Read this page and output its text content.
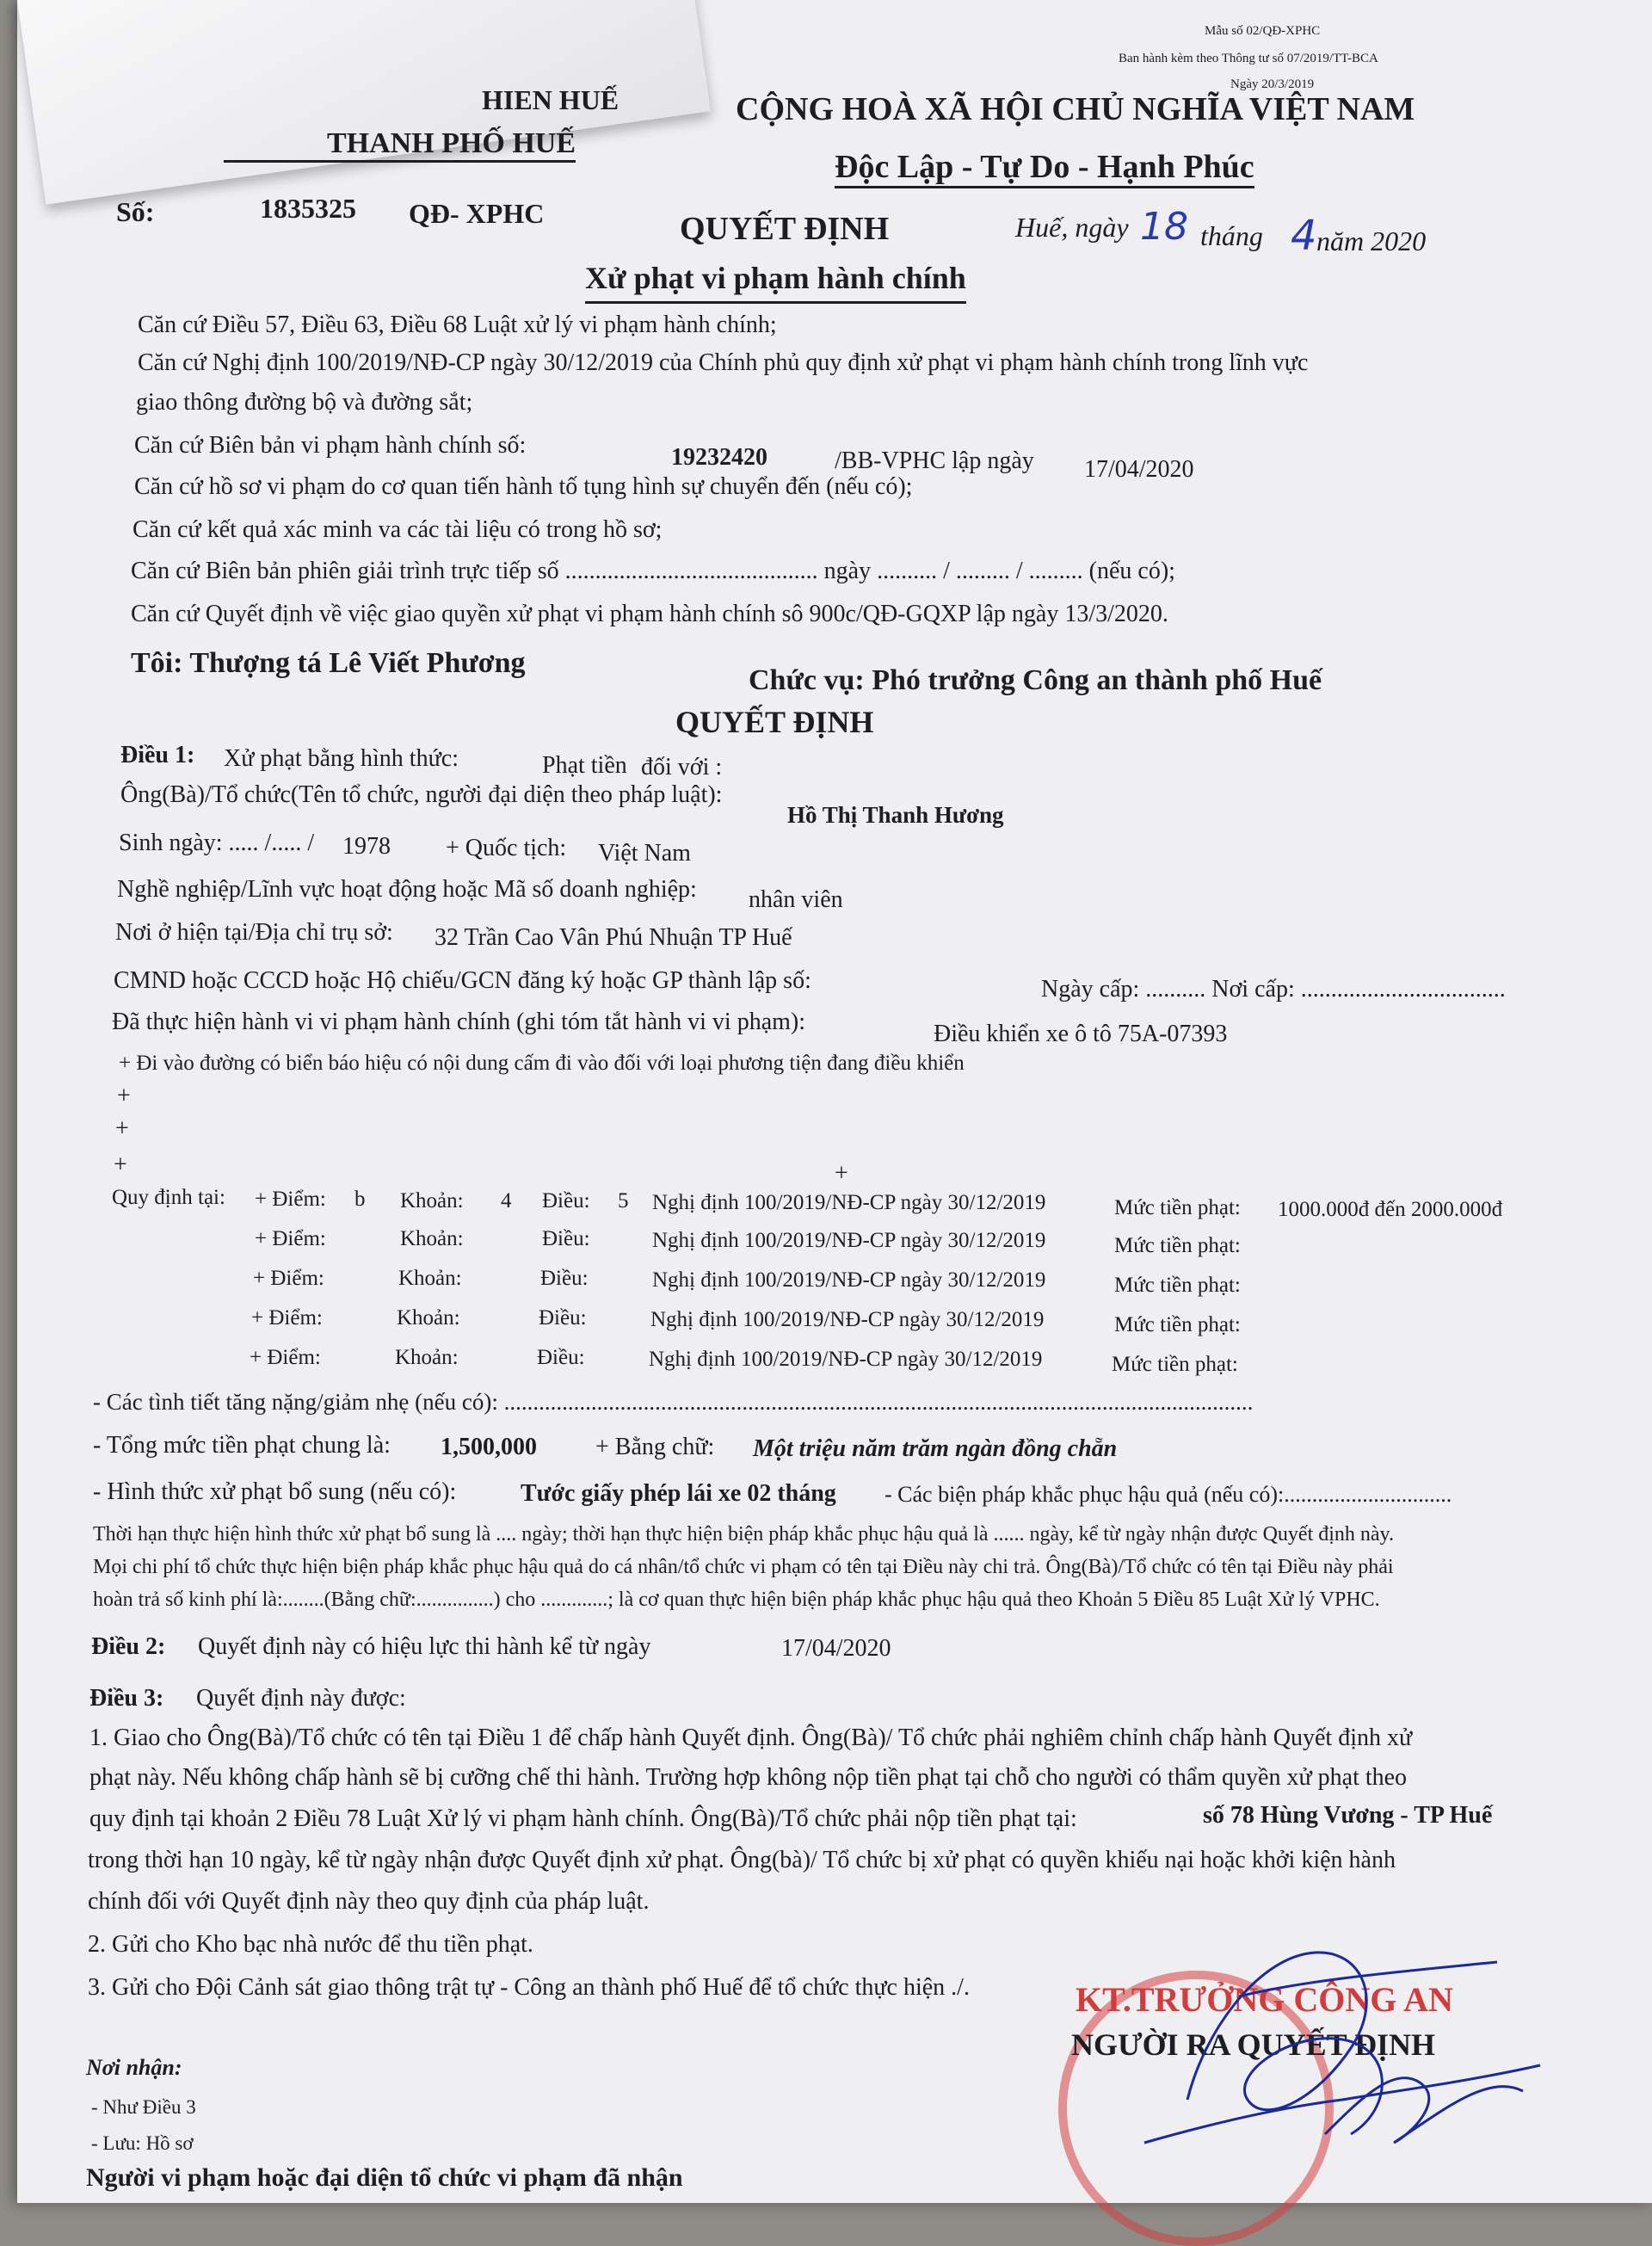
Mẫu số 02/QĐ-XPHC
Ban hành kèm theo Thông tư số 07/2019/TT-BCA
Ngày 20/3/2019
HIEN HUẾ
THANH PHỐ HUẾ
CỘNG HOÀ XÃ HỘI CHỦ NGHĨA VIỆT NAM
Độc Lập - Tự Do - Hạnh Phúc
Số:	1835325 QĐ- XPHC	QUYẾT ĐỊNH	Huế, ngày 18 tháng 4 năm 2020
Xử phạt vi phạm hành chính
Căn cứ Điều 57, Điều 63, Điều 68 Luật xử lý vi phạm hành chính;
Căn cứ Nghị định 100/2019/NĐ-CP ngày 30/12/2019 của Chính phủ quy định xử phạt vi phạm hành chính trong lĩnh vực
giao thông đường bộ và đường sắt;
Căn cứ Biên bản vi phạm hành chính số:	19232420	/BB-VPHC lập ngày 17/04/2020
Căn cứ hồ sơ vi phạm do cơ quan tiến hành tố tụng hình sự chuyển đến (nếu có);
Căn cứ kết quả xác minh va các tài liệu có trong hồ sơ;
Căn cứ Biên bản phiên giải trình trực tiếp số .......................................... ngày .......... / ......... / ......... (nếu có);
Căn cứ Quyết định về việc giao quyền xử phạt vi phạm hành chính sô 900c/QĐ-GQXP lập ngày 13/3/2020.
Tôi: Thượng tá Lê Viết Phương
Chức vụ: Phó trưởng Công an thành phố Huế
QUYẾT ĐỊNH
Điều 1: Xử phạt bằng hình thức:	Phạt tiền đối với :
Ông(Bà)/Tổ chức(Tên tổ chức, người đại diện theo pháp luật):
Hồ Thị Thanh Hương
Sinh ngày: ..... /..... / 1978 + Quốc tịch: Việt Nam
Nghề nghiệp/Lĩnh vực hoạt động hoặc Mã số doanh nghiệp: nhân viên
Nơi ở hiện tại/Địa chỉ trụ sở: 32 Trần Cao Vân Phú Nhuận TP Huế
CMND hoặc CCCD hoặc Hộ chiếu/GCN đăng ký hoặc GP thành lập số:	Ngày cấp: .......... Nơi cấp: ..................................
Đã thực hiện hành vi vi phạm hành chính (ghi tóm tắt hành vi vi phạm):	Điều khiển xe ô tô 75A-07393
+ Đi vào đường có biển báo hiệu có nội dung cấm đi vào đối với loại phương tiện đang điều khiển
+
+
+	+
Quy định tại: + Điểm: b Khoản: 4 Điều: 5 Nghị định 100/2019/NĐ-CP ngày 30/12/2019	Mức tiền phạt: 1000.000đ đến 2000.000đ
+ Điểm:	Khoản:	Điều:	Nghị định 100/2019/NĐ-CP ngày 30/12/2019	Mức tiền phạt:
+ Điểm:	Khoản:	Điều:	Nghị định 100/2019/NĐ-CP ngày 30/12/2019	Mức tiền phạt:
+ Điểm:	Khoản:	Điều:	Nghị định 100/2019/NĐ-CP ngày 30/12/2019	Mức tiền phạt:
+ Điểm:	Khoản:	Điều:	Nghị định 100/2019/NĐ-CP ngày 30/12/2019	Mức tiền phạt:
- Các tình tiết tăng nặng/giảm nhẹ (nếu có): .................................................................................................................................
- Tổng mức tiền phạt chung là: 1,500,000 + Bằng chữ: Một triệu năm trăm ngàn đồng chẵn
- Hình thức xử phạt bổ sung (nếu có):	Tước giấy phép lái xe 02 tháng - Các biện pháp khắc phục hậu quả (nếu có):..............................
Thời hạn thực hiện hình thức xử phạt bổ sung là .... ngày; thời hạn thực hiện biện pháp khắc phục hậu quả là ...... ngày, kể từ ngày nhận được Quyết định này.
Mọi chi phí tổ chức thực hiện biện pháp khắc phục hậu quả do cá nhân/tổ chức vi phạm có tên tại Điều này chi trả. Ông(Bà)/Tổ chức có tên tại Điều này phải
hoàn trả số kinh phí là:........(Bằng chữ:...............) cho .............; là cơ quan thực hiện biện pháp khắc phục hậu quả theo Khoản 5 Điều 85 Luật Xử lý VPHC.
Điều 2: Quyết định này có hiệu lực thi hành kể từ ngày	17/04/2020
Điều 3: Quyết định này được:
1. Giao cho Ông(Bà)/Tổ chức có tên tại Điều 1 để chấp hành Quyết định. Ông(Bà)/ Tổ chức phải nghiêm chỉnh chấp hành Quyết định xử
phạt này. Nếu không chấp hành sẽ bị cưỡng chế thi hành. Trường hợp không nộp tiền phạt tại chỗ cho người có thẩm quyền xử phạt theo
quy định tại khoản 2 Điều 78 Luật Xử lý vi phạm hành chính. Ông(Bà)/Tổ chức phải nộp tiền phạt tại:	số 78 Hùng Vương - TP Huế
trong thời hạn 10 ngày, kể từ ngày nhận được Quyết định xử phạt. Ông(bà)/ Tổ chức bị xử phạt có quyền khiếu nại hoặc khởi kiện hành
chính đối với Quyết định này theo quy định của pháp luật.
2. Gửi cho Kho bạc nhà nước để thu tiền phạt.
3. Gửi cho Đội Cảnh sát giao thông trật tự - Công an thành phố Huế để tổ chức thực hiện ./.	KT.TRƯỞNG CÔNG AN
NGƯỜI RA QUYẾT ĐỊNH
Nơi nhận:
- Như Điều 3
- Lưu: Hồ sơ
Người vi phạm hoặc đại diện tổ chức vi phạm đã nhận
